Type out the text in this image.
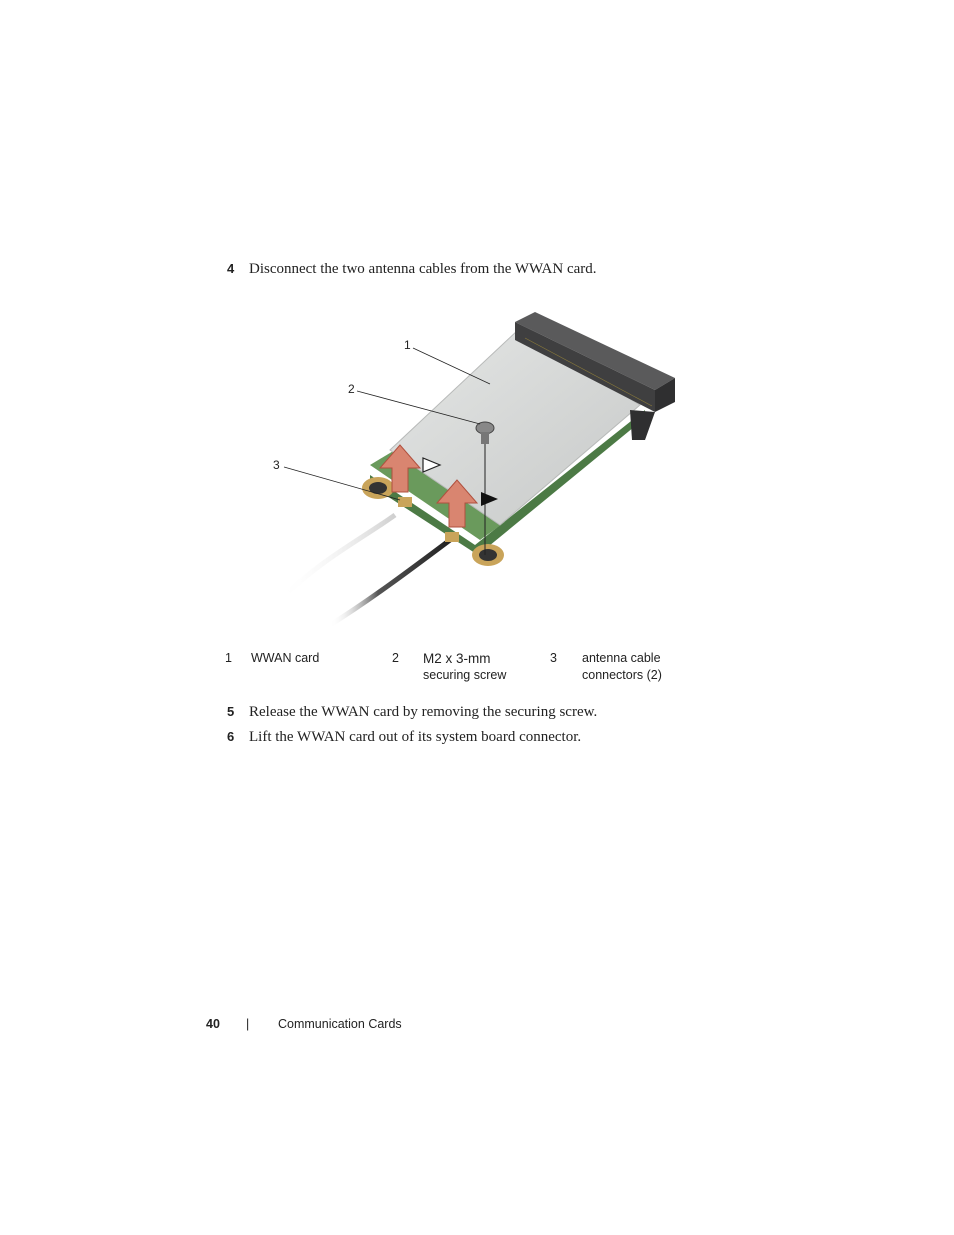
4 Disconnect the two antenna cables from the WWAN card.
1
2
3
1 WWAN card	2 M2 x 3-mm
securing screw
3 antenna cable
connectors (2)
5 Release the WWAN card by removing the securing screw.
6 Lift the WWAN card out of its system board connector.
40 | Communication Cards
